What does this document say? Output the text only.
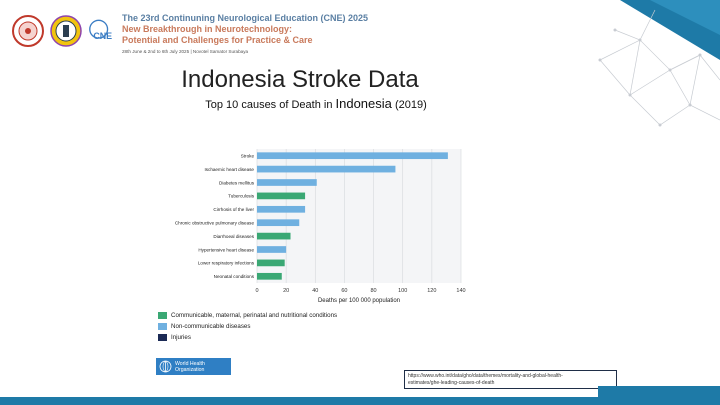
CNE
The 23rd Continuning Neurological Education (CNE) 2025
New Breakthrough in Neurotechnology:
Potential and Challenges for Practice & Care
28th June & 2nd to 6th July 2025 | Novotel Samator Surabaya
Indonesia Stroke Data
Top 10 causes of Death in Indonesia (2019)
0	20	40	60	80	100	120	140
Stroke
Ischaemic heart disease
Diabetes mellitus
Tuberculosis
Cirrhosis of the liver
Chronic obstructive pulmonary disease
Diarrhoeal diseases
Hypertensive heart disease
Lower respiratory infections
Neonatal conditions
Deaths per 100 000 population
Communicable, maternal, perinatal and nutritional conditions
Non-communicable diseases
Injuries
World Health
Organization
https://www.who.int/data/gho/data/themes/mortality-and-global-health-
estimates/ghe-leading-causes-of-death
